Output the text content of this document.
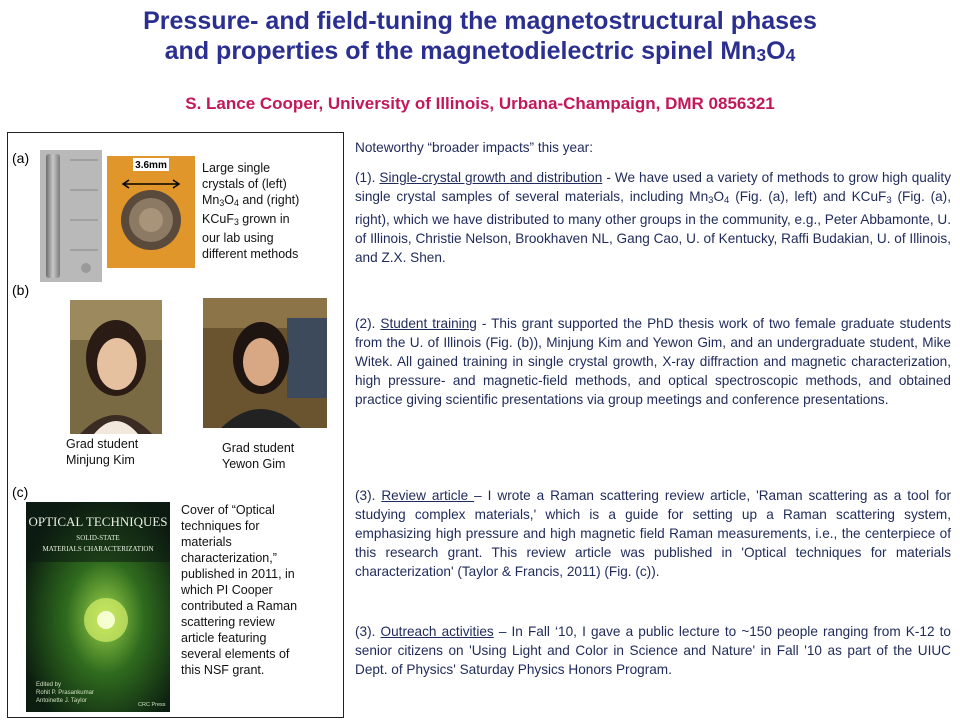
Pressure- and field-tuning the magnetostructural phases
and properties of the magnetodielectric spinel $Mn_3O_4$
S. Lance Cooper, University of Illinois, Urbana-Champaign, DMR 0856321
(a)
(b)
(c)
3.6mm	Large single
crystals of (left)
$Mn_3O_4$ and (right)
KCuF$_3$ grown in
our lab using
different methods
Grad student
Minjung Kim
Grad student
Yewon Gim
OPTICAL TECHNIQUES
SOLID-STATE
MATERIALS CHARACTERIZATION
Edited by
Rohit P. Prasankumar
Antoinette J. Taylor
CRC Press
Cover of “Optical
techniques for
materials
characterization,”
published in 2011, in
which PI Cooper
contributed a Raman
scattering review
article featuring
several elements of
this NSF grant.
Noteworthy “broader impacts” this year:
(1). Single-crystal growth and distribution - We have used a variety of methods to grow high quality single crystal samples of several materials, including $Mn_3O_4$ (Fig. (a), left) and KCuF$_3$ (Fig. (a), right), which we have distributed to many other groups in the community, e.g., Peter Abbamonte, U. of Illinois, Christie Nelson, Brookhaven NL, Gang Cao, U. of Kentucky, Raffi Budakian, U. of Illinois, and Z.X. Shen.
(2). Student training - This grant supported the PhD thesis work of two female graduate students from the U. of Illinois (Fig. (b)), Minjung Kim and Yewon Gim, and an undergraduate student, Mike Witek. All gained training in single crystal growth, X-ray diffraction and magnetic characterization, high pressure- and magnetic-field methods, and optical spectroscopic methods, and obtained practice giving scientific presentations via group meetings and conference presentations.
(3). Review article – I wrote a Raman scattering review article, 'Raman scattering as a tool for studying complex materials,' which is a guide for setting up a Raman scattering system, emphasizing high pressure and high magnetic field Raman measurements, i.e., the centerpiece of this research grant. This review article was published in 'Optical techniques for materials characterization' (Taylor & Francis, 2011) (Fig. (c)).
(3). Outreach activities – In Fall ‘10, I gave a public lecture to ~150 people ranging from K-12 to senior citizens on 'Using Light and Color in Science and Nature' in Fall '10 as part of the UIUC Dept. of Physics' Saturday Physics Honors Program.
